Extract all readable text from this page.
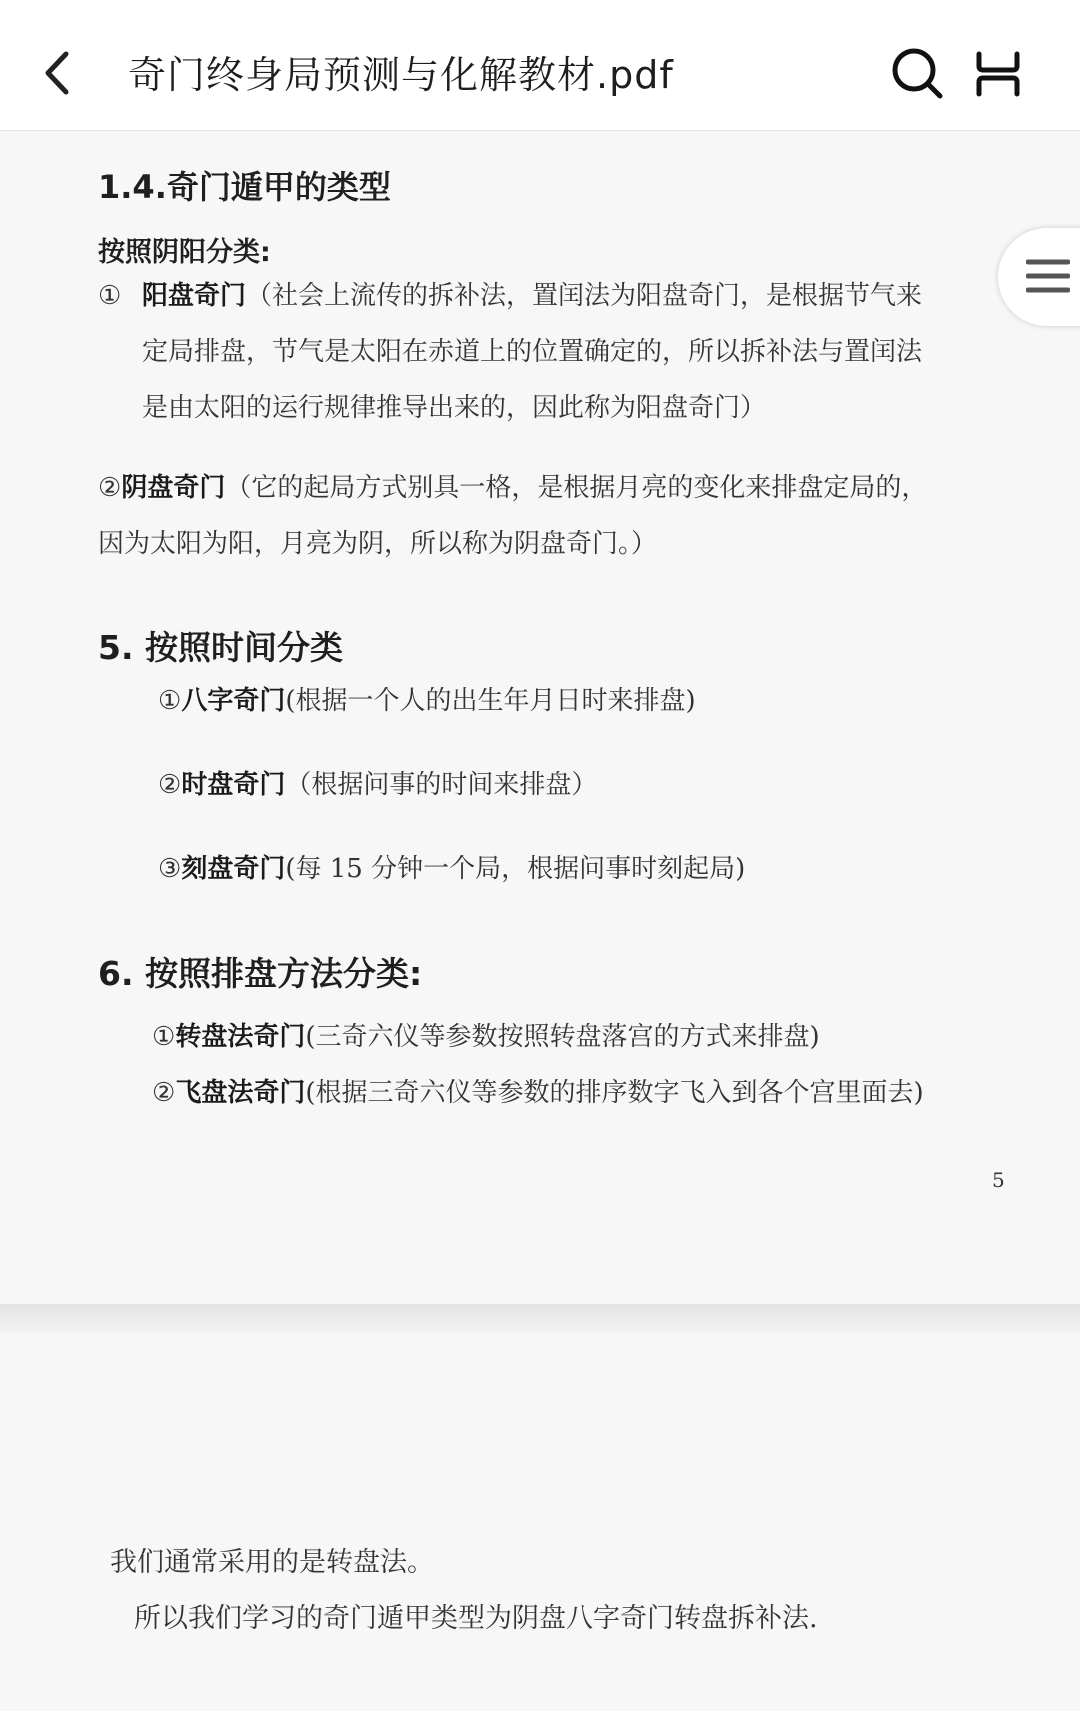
奇门终身局预测与化解教材.pdf
1.4.奇门遁甲的类型
按照阴阳分类:
① 阳盘奇门（社会上流传的拆补法，置闰法为阳盘奇门，是根据节气来
定局排盘，节气是太阳在赤道上的位置确定的，所以拆补法与置闰法
是由太阳的运行规律推导出来的，因此称为阳盘奇门）
②阴盘奇门（它的起局方式别具一格，是根据月亮的变化来排盘定局的，
因为太阳为阳，月亮为阴，所以称为阴盘奇门。）
5. 按照时间分类
①八字奇门(根据一个人的出生年月日时来排盘)
②时盘奇门（根据问事的时间来排盘）
③刻盘奇门(每 15 分钟一个局，根据问事时刻起局)
6. 按照排盘方法分类:
①转盘法奇门(三奇六仪等参数按照转盘落宫的方式来排盘)
②飞盘法奇门(根据三奇六仪等参数的排序数字飞入到各个宫里面去)
5
我们通常采用的是转盘法。
所以我们学习的奇门遁甲类型为阴盘八字奇门转盘拆补法.
